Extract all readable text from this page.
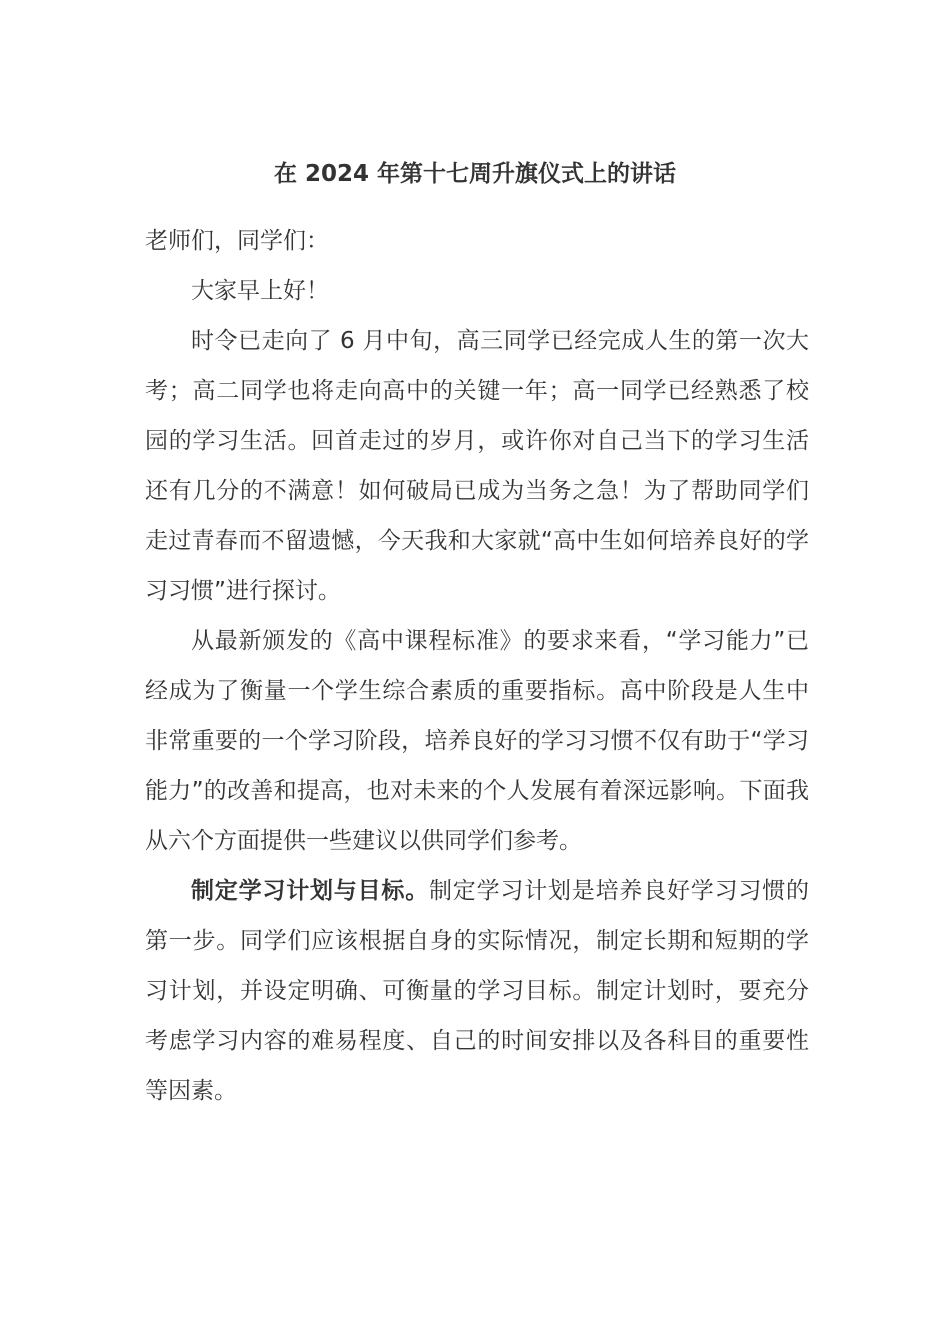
在 2024 年第十七周升旗仪式上的讲话

老师们，同学们：

大家早上好！

时令已走向了 6 月中旬，高三同学已经完成人生的第一次大考；高二同学也将走向高中的关键一年；高一同学已经熟悉了校园的学习生活。回首走过的岁月，或许你对自己当下的学习生活还有几分的不满意！如何破局已成为当务之急！为了帮助同学们走过青春而不留遗憾，今天我和大家就“高中生如何培养良好的学习习惯”进行探讨。

从最新颁发的《高中课程标准》的要求来看，“学习能力”已经成为了衡量一个学生综合素质的重要指标。高中阶段是人生中非常重要的一个学习阶段，培养良好的学习习惯不仅有助于“学习能力”的改善和提高，也对未来的个人发展有着深远影响。下面我从六个方面提供一些建议以供同学们参考。

制定学习计划与目标。制定学习计划是培养良好学习习惯的第一步。同学们应该根据自身的实际情况，制定长期和短期的学习计划，并设定明确、可衡量的学习目标。制定计划时，要充分考虑学习内容的难易程度、自己的时间安排以及各科目的重要性等因素。
